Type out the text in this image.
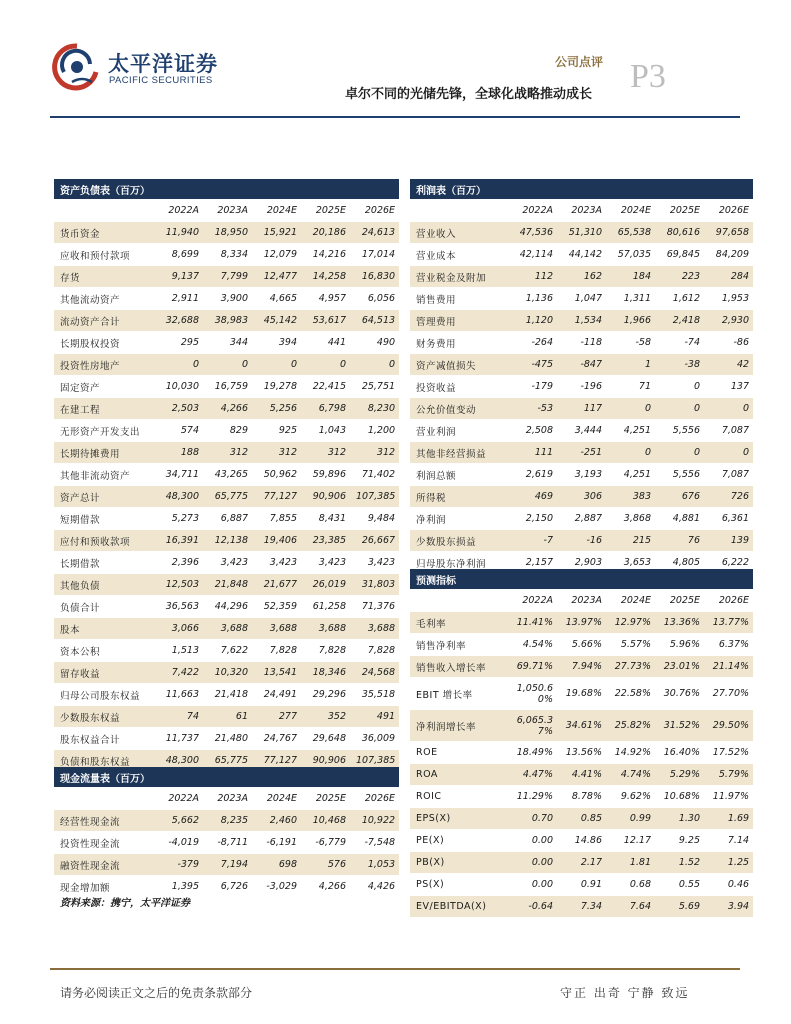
太平洋证券
PACIFIC SECURITIES
公司点评
卓尔不同的光储先锋，全球化战略推动成长 P3
资产负债表（百万）					
	2022A	2023A	2024E	2025E	2026E
货币资金	11,940	18,950	15,921	20,186	24,613
应收和预付款项	8,699	8,334	12,079	14,216	17,014
存货	9,137	7,799	12,477	14,258	16,830
其他流动资产	2,911	3,900	4,665	4,957	6,056
流动资产合计	32,688	38,983	45,142	53,617	64,513
长期股权投资	295	344	394	441	490
投资性房地产	0	0	0	0	0
固定资产	10,030	16,759	19,278	22,415	25,751
在建工程	2,503	4,266	5,256	6,798	8,230
无形资产开发支出	574	829	925	1,043	1,200
长期待摊费用	188	312	312	312	312
其他非流动资产	34,711	43,265	50,962	59,896	71,402
资产总计	48,300	65,775	77,127	90,906	107,385
短期借款	5,273	6,887	7,855	8,431	9,484
应付和预收款项	16,391	12,138	19,406	23,385	26,667
长期借款	2,396	3,423	3,423	3,423	3,423
其他负债	12,503	21,848	21,677	26,019	31,803
负债合计	36,563	44,296	52,359	61,258	71,376
股本	3,066	3,688	3,688	3,688	3,688
资本公积	1,513	7,622	7,828	7,828	7,828
留存收益	7,422	10,320	13,541	18,346	24,568
归母公司股东权益	11,663	21,418	24,491	29,296	35,518
少数股东权益	74	61	277	352	491
股东权益合计	11,737	21,480	24,767	29,648	36,009
负债和股东权益	48,300	65,775	77,127	90,906	107,385
现金流量表（百万）					
	2022A	2023A	2024E	2025E	2026E
经营性现金流	5,662	8,235	2,460	10,468	10,922
投资性现金流	-4,019	-8,711	-6,191	-6,779	-7,548
融资性现金流	-379	7,194	698	576	1,053
现金增加额	1,395	6,726	-3,029	4,266	4,426
利润表（百万）					
	2022A	2023A	2024E	2025E	2026E
营业收入	47,536	51,310	65,538	80,616	97,658
营业成本	42,114	44,142	57,035	69,845	84,209
营业税金及附加	112	162	184	223	284
销售费用	1,136	1,047	1,311	1,612	1,953
管理费用	1,120	1,534	1,966	2,418	2,930
财务费用	-264	-118	-58	-74	-86
资产减值损失	-475	-847	1	-38	42
投资收益	-179	-196	71	0	137
公允价值变动	-53	117	0	0	0
营业利润	2,508	3,444	4,251	5,556	7,087
其他非经营损益	111	-251	0	0	0
利润总额	2,619	3,193	4,251	5,556	7,087
所得税	469	306	383	676	726
净利润	2,150	2,887	3,868	4,881	6,361
少数股东损益	-7	-16	215	76	139
归母股东净利润	2,157	2,903	3,653	4,805	6,222

预测指标					
	2022A	2023A	2024E	2025E	2026E
毛利率	11.41%	13.97%	12.97%	13.36%	13.77%
销售净利率	4.54%	5.66%	5.57%	5.96%	6.37%
销售收入增长率	69.71%	7.94%	27.73%	23.01%	21.14%
EBIT 增长率	1,050.60%	19.68%	22.58%	30.76%	27.70%
净利润增长率	6,065.37%	34.61%	25.82%	31.52%	29.50%
ROE	18.49%	13.56%	14.92%	16.40%	17.52%
ROA	4.47%	4.41%	4.74%	5.29%	5.79%
ROIC	11.29%	8.78%	9.62%	10.68%	11.97%
EPS(X)	0.70	0.85	0.99	1.30	1.69
PE(X)	0.00	14.86	12.17	9.25	7.14
PB(X)	0.00	2.17	1.81	1.52	1.25
PS(X)	0.00	0.91	0.68	0.55	0.46
EV/EBITDA(X)	-0.64	7.34	7.64	5.69	3.94
资料来源：携宁，太平洋证券
请务必阅读正文之后的免责条款部分	守正 出奇 宁静 致远
